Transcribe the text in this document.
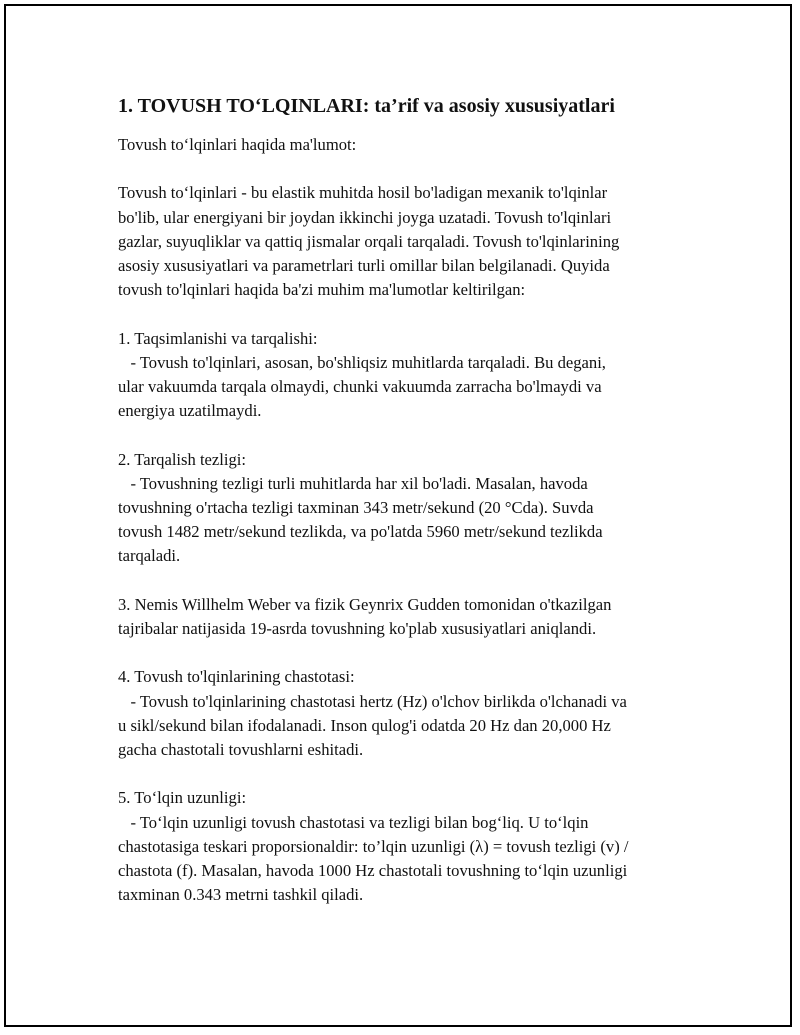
1. TOVUSH TO‘LQINLARI: ta’rif va asosiy xususiyatlari

Tovush to‘lqinlari haqida ma'lumot:

Tovush to‘lqinlari - bu elastik muhitda hosil bo'ladigan mexanik to'lqinlar
bo'lib, ular energiyani bir joydan ikkinchi joyga uzatadi. Tovush to'lqinlari
gazlar, suyuqliklar va qattiq jismalar orqali tarqaladi. Tovush to'lqinlarining
asosiy xususiyatlari va parametrlari turli omillar bilan belgilanadi. Quyida
tovush to'lqinlari haqida ba'zi muhim ma'lumotlar keltirilgan:

1. Taqsimlanishi va tarqalishi:

- Tovush to'lqinlari, asosan, bo'shliqsiz muhitlarda tarqaladi. Bu degani,
ular vakuumda tarqala olmaydi, chunki vakuumda zarracha bo'lmaydi va
energiya uzatilmaydi.

2. Tarqalish tezligi:

- Tovushning tezligi turli muhitlarda har xil bo'ladi. Masalan, havoda
tovushning o'rtacha tezligi taxminan 343 metr/sekund (20 °Cda). Suvda
tovush 1482 metr/sekund tezlikda, va po'latda 5960 metr/sekund tezlikda
tarqaladi.

3. Nemis Willhelm Weber va fizik Geynrix Gudden tomonidan o'tkazilgan
tajribalar natijasida 19-asrda tovushning ko'plab xususiyatlari aniqlandi.

4. Tovush to'lqinlarining chastotasi:

- Tovush to'lqinlarining chastotasi hertz (Hz) o'lchov birlikda o'lchanadi va
u sikl/sekund bilan ifodalanadi. Inson qulog'i odatda 20 Hz dan 20,000 Hz
gacha chastotali tovushlarni eshitadi.

5. To‘lqin uzunligi:

- To‘lqin uzunligi tovush chastotasi va tezligi bilan bog‘liq. U to‘lqin
chastotasiga teskari proporsionaldir: to’lqin uzunligi (λ) = tovush tezligi (v) /
chastota (f). Masalan, havoda 1000 Hz chastotali tovushning to‘lqin uzunligi
taxminan 0.343 metrni tashkil qiladi.
